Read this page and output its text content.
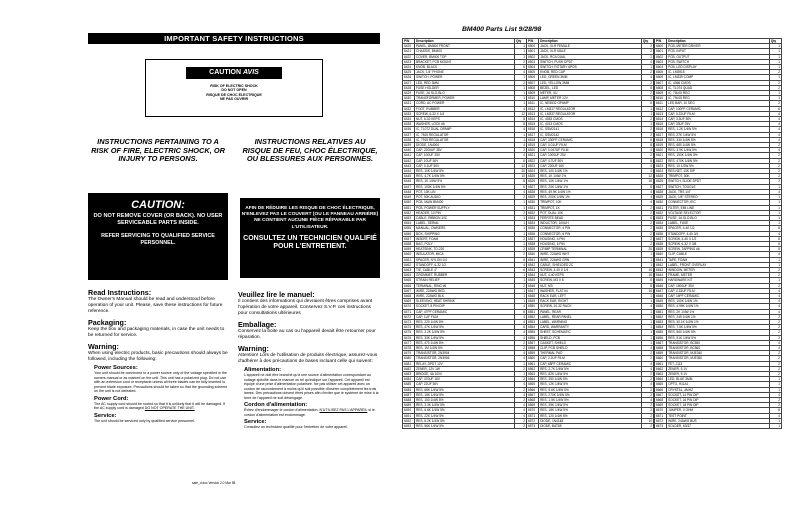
IMPORTANT SAFETY INSTRUCTIONS
CAUTION AVIS
RISK OF ELECTRIC SHOCK
DO NOT OPEN
RISQUE DE CHOC ÉLECTRIQUE
NE PAS OUVRIR
INSTRUCTIONS PERTAINING TO A RISK OF FIRE, ELECTRIC SHOCK, OR INJURY TO PERSONS.
INSTRUCTIONS RELATIVES AU RISQUE DE FEU, CHOC ÉLECTRIQUE, OU BLESSURES AUX PERSONNES.
CAUTION:
DO NOT REMOVE COVER (OR BACK). NO USER SERVICEABLE PARTS INSIDE.
REFER SERVICING TO QUALIFIED SERVICE PERSONNEL.
AFIN DE RÉDUIRE LES RISQUE DE CHOC ÉLECTRIQUE, N'ENLEVEZ PAS LE COUVERT (OU LE PANNEAU ARRIÈRE) NE CONTIENT AUCUNE PIÈCE RÉPARABLE PAR L'UTILISATEUR.
CONSULTEZ UN TECHNICIEN QUALIFIÉ POUR L'ENTRETIENT.
Read Instructions:
The Owner's Manual should be read and understood before operation of your unit. Please, save these instructions for future reference.
Packaging:
Keep the box and packaging materials, in case the unit needs to be returned for service.
Warning:
When using electric products, basic precautions should always be followed, including the following:
Power Sources:
Your unit should be connected to a power source only of the voltage specified in the owners manual or as marked on the unit. This unit has a polarized plug. Do not use with an extension cord or receptacle unless all three blades can be fully inserted to prevent blade exposure. Precautions should be taken so that the grounding scheme on the unit is not defeated.
Power Cord:
The AC supply cord should be routed so that it is unlikely that it will be damaged. If the AC supply cord is damaged DO NOT OPERATE THE UNIT.
Service:
The unit should be serviced only by qualified service personnel.
Veuillez lire le manuel:
Il contient des informations qui devraient êtres comprises avant l'opération de votre appareil. Conservez S.V.P. ces instructions pour consultations ultérieures
Emballage:
Conservez la boite au cas ou l'appareil devait être retourner pour réparation.
Warning:
Attention! Lors de l'utilisation de produits électrique, assurez-vous d'adhérer à des précautions de bases incluant celle qui suivent:
Alimentation:
L'appareil ne doit être branché qu'à une source d'alimentation correspondant au voltage spécifié dans le manuel ou tel qu'indiqué sur l'appareil. Cet appareil est équipé d'une prise d'alimentation polarisée. Ne pas utiliser cet appareil avec un cordon de raccordement à moins qu'il soit possible d'insérer complètement les trois lames. Des précautions doivent êtres prises afin d'eviter que le système de mise à la terre de l'appareil ne soit désengagé.
Cordon d'alimentation:
Évitez d'endommager le cordon d'alimentation. N'UTILISEZ PAS L'APPAREIL si le cordon d'alimentation est endommagé.
Service:
Consultez un technicien qualifié pour l'entretien de votre appareil.
safe_d.doc Version 2.0 Mar 98
BM400 Parts List 9/28/98
P/N	Description	Qty
6420	PANEL, BM400 FRONT	1
6421	CHASSIS, BM400	1
6422	COVER, BM400 TOP	1
6423	BRACKET, PCB MOUNT	2
6424	KNOB, BLACK	6
6425	JACK, 1/4" PHONE	4
6426	SWITCH, POWER	1
6427	LED, RED 3MM	2
6428	FUSE HOLDER	1
6429	FUSE, 2A SLO-BLO	1
6430	TRANSFORMER, POWER	1
6431	CORD, AC POWER	1
6432	FOOT, RUBBER	4
6433	SCREW, 6-32 X 1/4	12
6434	NUT, 6-32 KEPS	8
6435	WASHER, LOCK #6	8
6436	IC, TL072 DUAL OPAMP	4
6437	IC, 7815 REGULATOR	1
6438	IC, 7915 REGULATOR	1
6439	DIODE, 1N4004	4
6440	CAP, 2200UF 35V	2
6441	CAP, 100UF 25V	4
6442	CAP, 10UF 50V	6
6443	CAP, 0.1UF 50V	12
6444	RES, 10K 1/4W 5%	20
6445	RES, 4.7K 1/4W 5%	10
6446	RES, 1K 1/4W 5%	8
6447	RES, 100K 1/4W 5%	6
6448	POT, 10K LIN	4
6449	POT, 50K AUDIO	2
6450	PCB, MAIN BM400	1
6451	PCB, POWER SUPPLY	1
6452	HEADER, 10 PIN	2
6453	CABLE, RIBBON 10C	1
6454	LABEL, SERIAL	1
6455	MANUAL, OWNERS	1
6456	BOX, SHIPPING	1
6457	INSERT, FOAM	2
6458	BAG, POLY	1
6459	HEATSINK, TO-220	2
6460	INSULATOR, MICA	2
6461	SPACER, NYLON 1/4	6
6462	STANDOFF, 6-32 1/2	4
6463	TIE, CABLE 4"	6
6464	GROMMET, RUBBER	1
6465	STRAIN RELIEF	1
6466	TERMINAL, RING #6	2
6467	WIRE, 22AWG RED	1
6468	WIRE, 22AWG BLK	1
6469	SLEEVING, HEAT SHRINK	1
6470	SOCKET, 8 PIN DIP	4
6471	CAP, 47PF CERAMIC	8
6472	CAP, 1UF FILM	4
6473	RES, 220 1/4W 5%	4
6474	RES, 47K 1/4W 5%	6
6475	RES, 2.2K 1/4W 5%	4
6476	RES, 33K 1/4W 5%	4
6477	RES, 470 1/4W 5%	2
6478	RES, 1M 1/4W 5%	2
6479	TRANSISTOR, 2N3904	4
6480	TRANSISTOR, 2N3906	4
6481	RELAY, DPDT 12V	1
6482	ZENER, 12V 1W	2
6483	BRIDGE, 4A 100V	1
6484	CAP, 470UF 16V	2
6485	CAP, 22UF 50V	4
6486	RES, 68K 1/4W 5%	2
6487	RES, 15K 1/4W 5%	4
6488	RES, 150 1/4W 5%	2
6489	RES, 3.3K 1/4W 5%	4
6490	RES, 6.8K 1/4W 5%	4
6491	RES, 22K 1/4W 5%	4
6492	RES, 8.2K 1/4W 5%	2
6493	RES, 56K 1/4W 5%	2
P/N	Description	Qty
6500	JACK, XLR FEMALE	2
6501	JACK, XLR MALE	2
6502	JACK, RCA DUAL	2
6503	SWITCH, PUSH DPDT	4
6504	SWITCH, ROTARY 6POS	1
6505	KNOB, RED CAP	2
6506	LED, GREEN 3MM	4
6507	LED, YELLOW 3MM	2
6508	BEZEL, LED	8
6509	METER, VU	2
6510	LAMP, METER 12V	2
6511	IC, NE5532 OPAMP	6
6512	IC, LM317 REGULATOR	1
6513	IC, LM337 REGULATOR	1
6514	IC, 4053 CMOS	2
6515	IC, 4013 CMOS	1
6516	IC, SSM2141	2
6517	IC, SSM2142	2
6518	CAP, 330PF CERAMIC	6
6519	CAP, 0.01UF FILM	8
6520	CAP, 0.047UF FILM	4
6521	CAP, 1000UF 25V	2
6522	CAP, 4.7UF 50V	8
6523	CAP, 220UF 16V	4
6524	RES, 100 1/4W 1%	4
6525	RES, 1K 1/4W 1%	12
6526	RES, 10K 1/4W 1%	16
6527	RES, 20K 1/4W 1%	8
6528	RES, 49.9K 1/4W 1%	4
6529	RES, 200K 1/4W 1%	4
6530	TRIMPOT, 10K	4
6531	TRIMPOT, 1K	2
6532	POT, DUAL 10K	2
6533	FERRITE BEAD	6
6534	INDUCTOR, 100UH	2
6535	CONNECTOR, 4 PIN	2
6536	CONNECTOR, 6 PIN	2
6537	HOUSING, 4 PIN	2
6538	HOUSING, 6 PIN	2
6539	CRIMP TERMINAL	20
6540	WIRE, 22AWG WHT	1
6541	WIRE, 22AWG GRN	1
6542	CABLE, SHIELDED 2C	1
6543	SCREW, 4-40 X 1/4	16
6544	NUT, 4-40 KEPS	16
6545	SCREW, M3 X 8	8
6546	NUT, M3	8
6547	WASHER, FLAT #4	16
6548	RACK EAR, LEFT	1
6549	RACK EAR, RIGHT	1
6550	SCREW, 10-32 RACK	4
6551	PANEL, REAR	1
6552	LABEL, REAR PANEL	1
6553	LABEL, WARNING	1
6554	CARD, WARRANTY	1
6555	SHEET, SCHEMATIC	1
6556	SHIELD, PCB	1
6557	GASKET, SHIELD	1
6558	CLIP, PCB SHIELD	4
6559	THERMAL PAD	2
6560	CAP, 2.2UF FILM	2
6561	CAP, 68PF CERAMIC	4
6562	RES, 2.7K 1/4W 5%	4
6563	RES, 82K 1/4W 5%	2
6564	RES, 390 1/4W 5%	2
6565	RES, 12K 1/4W 5%	4
6566	RES, 5.6K 1/4W 5%	2
6567	RES, 270K 1/4W 5%	2
6568	RES, 1.5K 1/4W 5%	4
6569	RES, 39K 1/4W 5%	2
6570	RES, 18K 1/4W 5%	2
6571	RES, 120 1/4W 5%	2
6572	DIODE, 1N4148	10
6573	DIODE, BAT85	2
P/N	Description	Qty
6600	PCB, METER DRIVER	1
6601	PCB, INPUT	1
6602	PCB, OUTPUT	1
6603	PCB, SWITCH	1
6604	PCB, LED DISPLAY	1
6605	IC, LM3915	2
6606	IC, LM339 COMP	1
6607	IC, 4066 CMOS	2
6608	IC, TL074 QUAD	2
6609	IC, 78L05 REG	1
6610	IC, 79L05 REG	1
6611	LED BAR, 10 SEG	2
6612	CAP, 100PF CERAMIC	6
6613	CAP, 0.22UF FILM	4
6614	CAP, 3.3UF 50V	4
6615	CAP, 33UF 25V	4
6616	RES, 1.2K 1/4W 5%	4
6617	RES, 27K 1/4W 5%	4
6618	RES, 330 1/4W 5%	4
6619	RES, 680 1/4W 5%	2
6620	RES, 3.9K 1/4W 5%	4
6621	RES, 150K 1/4W 5%	2
6622	RES, 470K 1/4W 5%	2
6623	RES, 10 1/2W 5%	2
6624	RES NET, 10K SIP	2
6625	TRIMPOT, 50K	2
6626	SWITCH, SLIDE SPDT	2
6627	SWITCH, TOGGLE	1
6628	JACK, TRS 1/4"	4
6629	JACK, 1/8" STEREO	1
6630	CONNECTOR, IEC	1
6631	FILTER, EMI LINE	1
6632	VOLTAGE SELECTOR	1
6633	FUSE, 1A SLO-BLO	1
6634	LABEL, FUSE	1
6635	SPACER, 4-40 1/2	8
6636	STANDOFF, 4-40 3/4	4
6637	SCREW, 4-40 X 1/2	8
6638	SCREW, 6-32 X 3/8	6
6639	SCREW, TAPPING #6	8
6640	CLIP, CABLE	4
6641	TAPE, FOAM	1
6642	LABEL, FRONT OVERLAY	1
6643	WINDOW, METER	2
6644	FRAME, METER	2
6645	HARDWARE KIT	1
6646	CAP, 1500UF 35V	2
6647	CAP, 0.33UF FILM	4
6648	CAP, 15PF CERAMIC	4
6649	RES, 100K 1/4W 1%	4
6650	RES, 4.99K 1/4W 1%	4
6651	RES, 2K 1/4W 1%	4
6652	RES, 249 1/4W 1%	2
6653	RES, 30.1K 1/4W 1%	2
6654	RES, 7.5K 1/4W 5%	2
6655	RES, 560 1/4W 5%	2
6656	RES, 91K 1/4W 5%	2
6657	TRANSISTOR, BC550	4
6658	TRANSISTOR, BC560	4
6659	TRANSISTOR, MJE340	2
6660	TRANSISTOR, MJE350	2
6661	FET, J113	2
6662	ZENER, 5.1V	2
6663	ZENER, 9.1V	2
6664	LED, BLUE 3MM	1
6665	OPTO, H11A1	1
6666	CRYSTAL, 4MHZ	1
6667	SOCKET, 14 PIN DIP	4
6668	SOCKET, 16 PIN DIP	2
6669	SOCKET, 18 PIN DIP	2
6670	JUMPER, 0 OHM	6
6671	TEST POINT	4
6672	WIRE, 24AWG BUS	1
6673	SOLDER, 63/37	1
